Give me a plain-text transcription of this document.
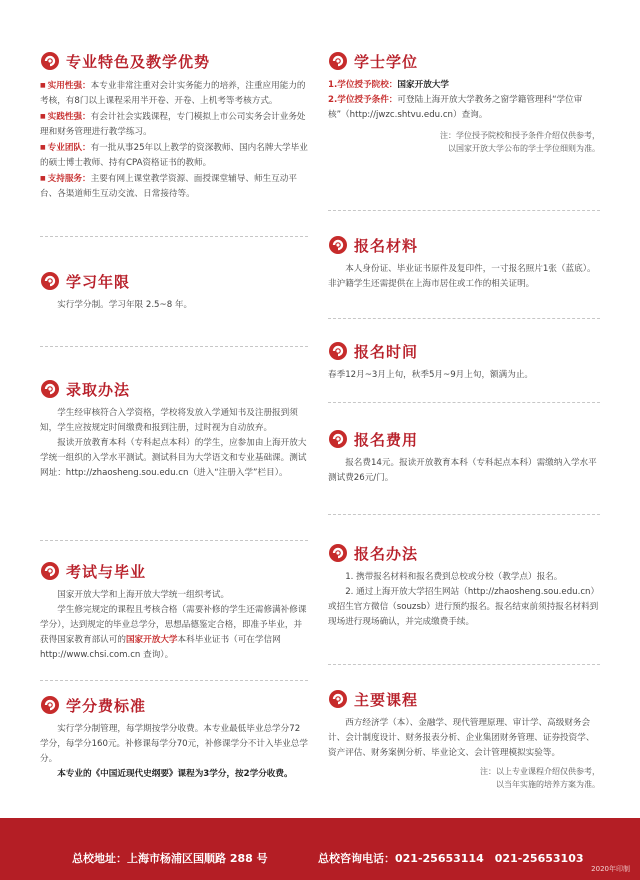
专业特色及教学优势

■ 实用性强：本专业非常注重对会计实务能力的培养，注重应用能力的考核，有8门以上课程采用半开卷、开卷、上机考等考核方式。

■ 实践性强：有会计社会实践课程，专门模拟上市公司实务会计业务处理和财务管理进行教学练习。

■ 专业团队：有一批从事25年以上教学的资深教师、国内名牌大学毕业的硕士博士教师、持有CPA资格证书的教师。

■ 支持服务：主要有网上课堂教学资源、面授课堂辅导、师生互动平台、各渠道师生互动交流、日常接待等。

学习年限

实行学分制。学习年限 2.5~8 年。

录取办法

学生经审核符合入学资格，学校将发放入学通知书及注册报到须知，学生应按规定时间缴费和报到注册，过时视为自动放弃。

报读开放教育本科（专科起点本科）的学生，应参加由上海开放大学统一组织的入学水平测试。测试科目为大学语文和专业基础课。测试网址：http://zhaosheng.sou.edu.cn（进入“注册入学”栏目）。

考试与毕业

国家开放大学和上海开放大学统一组织考试。

学生修完规定的课程且考核合格（需要补修的学生还需修满补修课学分），达到规定的毕业总学分，思想品德鉴定合格，即准予毕业，并获得国家教育部认可的国家开放大学本科毕业证书（可在学信网http://www.chsi.com.cn 查询）。

学分费标准

实行学分制管理，每学期按学分收费。本专业最低毕业总学分72学分，每学分160元。补修课每学分70元，补修课学分不计入毕业总学分。

本专业的《中国近现代史纲要》课程为3学分，按2学分收费。

学士学位

1.学位授予院校：国家开放大学

2.学位授予条件：可登陆上海开放大学教务之窗学籍管理科“学位审核”（http://jwzc.shtvu.edu.cn）查询。

注：学位授予院校和授予条件介绍仅供参考，
以国家开放大学公布的学士学位细则为准。
报名材料

本人身份证、毕业证书原件及复印件，一寸报名照片1张（蓝底）。非沪籍学生还需提供在上海市居住或工作的相关证明。

报名时间

春季12月~3月上旬，秋季5月~9月上旬，额满为止。

报名费用

报名费14元。报读开放教育本科（专科起点本科）需缴纳入学水平测试费26元/门。

报名办法

1. 携带报名材料和报名费到总校或分校（教学点）报名。

2. 通过上海开放大学招生网站（http://zhaosheng.sou.edu.cn）或招生官方微信（souzsb）进行预约报名。报名结束前须持报名材料到现场进行现场确认，并完成缴费手续。

主要课程

西方经济学（本）、金融学、现代管理原理、审计学、高级财务会计、会计制度设计、财务报表分析、企业集团财务管理、证券投资学、资产评估、财务案例分析、毕业论文、会计管理模拟实验等。

注：以上专业课程介绍仅供参考，
以当年实施的培养方案为准。
总校地址：上海市杨浦区国顺路 288 号	总校咨询电话：021-25653114　021-25653103
2020年印制
